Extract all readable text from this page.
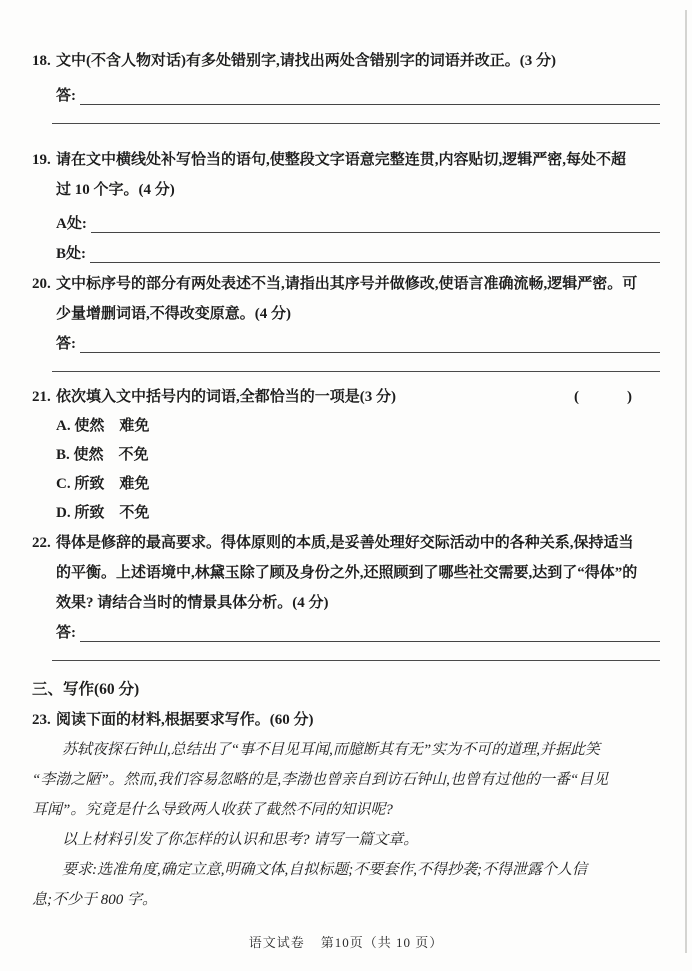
18. 文中(不含人物对话)有多处错别字,请找出两处含错别字的词语并改正。(3 分)
答:
19. 请在文中横线处补写恰当的语句,使整段文字语意完整连贯,内容贴切,逻辑严密,每处不超
过 10 个字。(4 分)
A处:
B处:
20. 文中标序号的部分有两处表述不当,请指出其序号并做修改,使语言准确流畅,逻辑严密。可
少量增删词语,不得改变原意。(4 分)
答:
21. 依次填入文中括号内的词语,全都恰当的一项是(3 分)	(　　)
A. 使然　难免
B. 使然　不免
C. 所致　难免
D. 所致　不免
22. 得体是修辞的最高要求。得体原则的本质,是妥善处理好交际活动中的各种关系,保持适当
的平衡。上述语境中,林黛玉除了顾及身份之外,还照顾到了哪些社交需要,达到了“得体”的
效果? 请结合当时的情景具体分析。(4 分)
答:
三、写作(60 分)
23. 阅读下面的材料,根据要求写作。(60 分)
苏轼夜探石钟山,总结出了“事不目见耳闻,而臆断其有无”实为不可的道理,并据此笑
“李渤之陋”。然而,我们容易忽略的是,李渤也曾亲自到访石钟山,也曾有过他的一番“目见
耳闻”。究竟是什么导致两人收获了截然不同的知识呢?
以上材料引发了你怎样的认识和思考? 请写一篇文章。
要求:选准角度,确定立意,明确文体,自拟标题;不要套作,不得抄袭;不得泄露个人信
息;不少于 800 字。
语文试卷 第10页（共 10 页）
